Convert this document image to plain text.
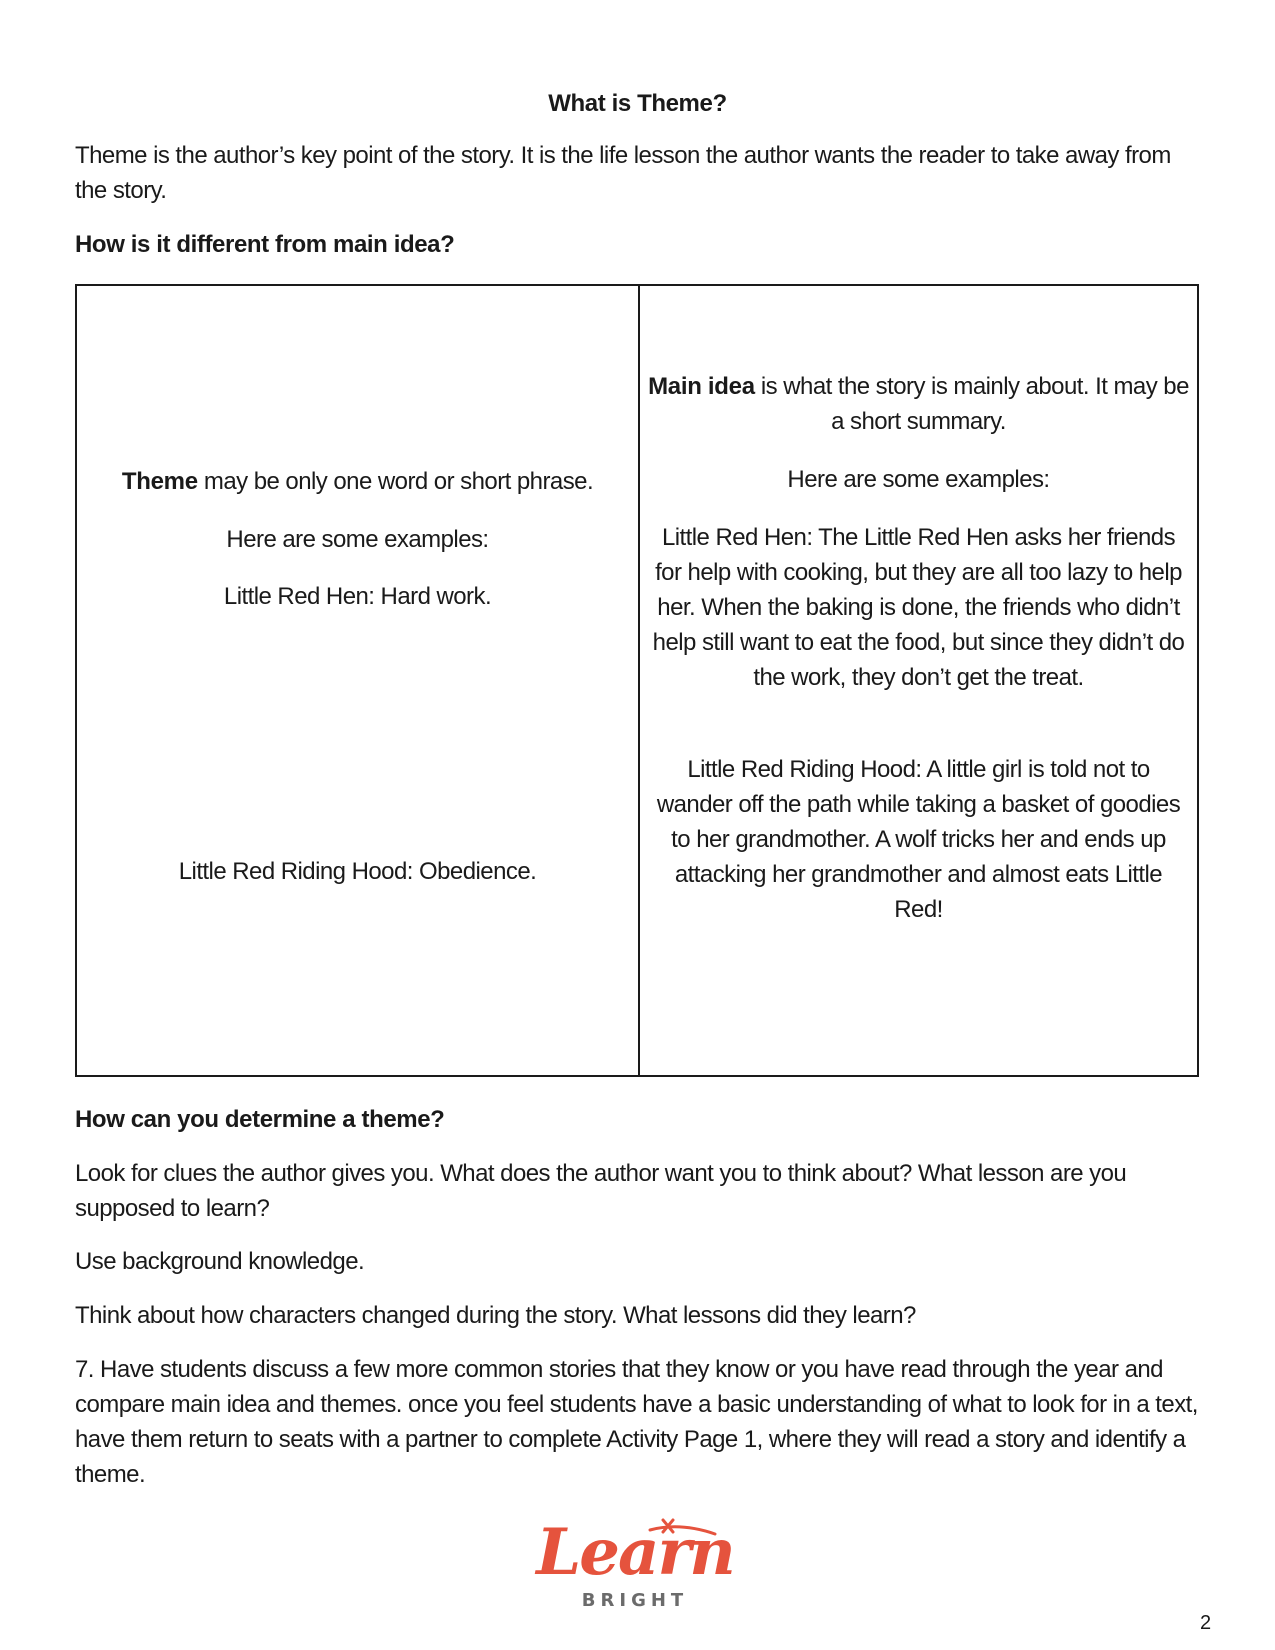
What is Theme?

Theme is the author’s key point of the story. It is the life lesson the author wants the reader to take away from the story.

How is it different from main idea?

Theme may be only one word or short phrase.

Here are some examples:

Little Red Hen: Hard work.

Little Red Riding Hood: Obedience.

Main idea is what the story is mainly about. It may be a short summary.

Here are some examples:

Little Red Hen: The Little Red Hen asks her friends for help with cooking, but they are all too lazy to help her. When the baking is done, the friends who didn’t help still want to eat the food, but since they didn’t do the work, they don’t get the treat.

Little Red Riding Hood: A little girl is told not to wander off the path while taking a basket of goodies to her grandmother. A wolf tricks her and ends up attacking her grandmother and almost eats Little Red!

How can you determine a theme?

Look for clues the author gives you. What does the author want you to think about? What lesson are you supposed to learn?

Use background knowledge.

Think about how characters changed during the story. What lessons did they learn?

7. Have students discuss a few more common stories that they know or you have read through the year and compare main idea and themes. once you feel students have a basic understanding of what to look for in a text, have them return to seats with a partner to complete Activity Page 1, where they will read a story and identify a theme.

Learn
BRIGHT
2
